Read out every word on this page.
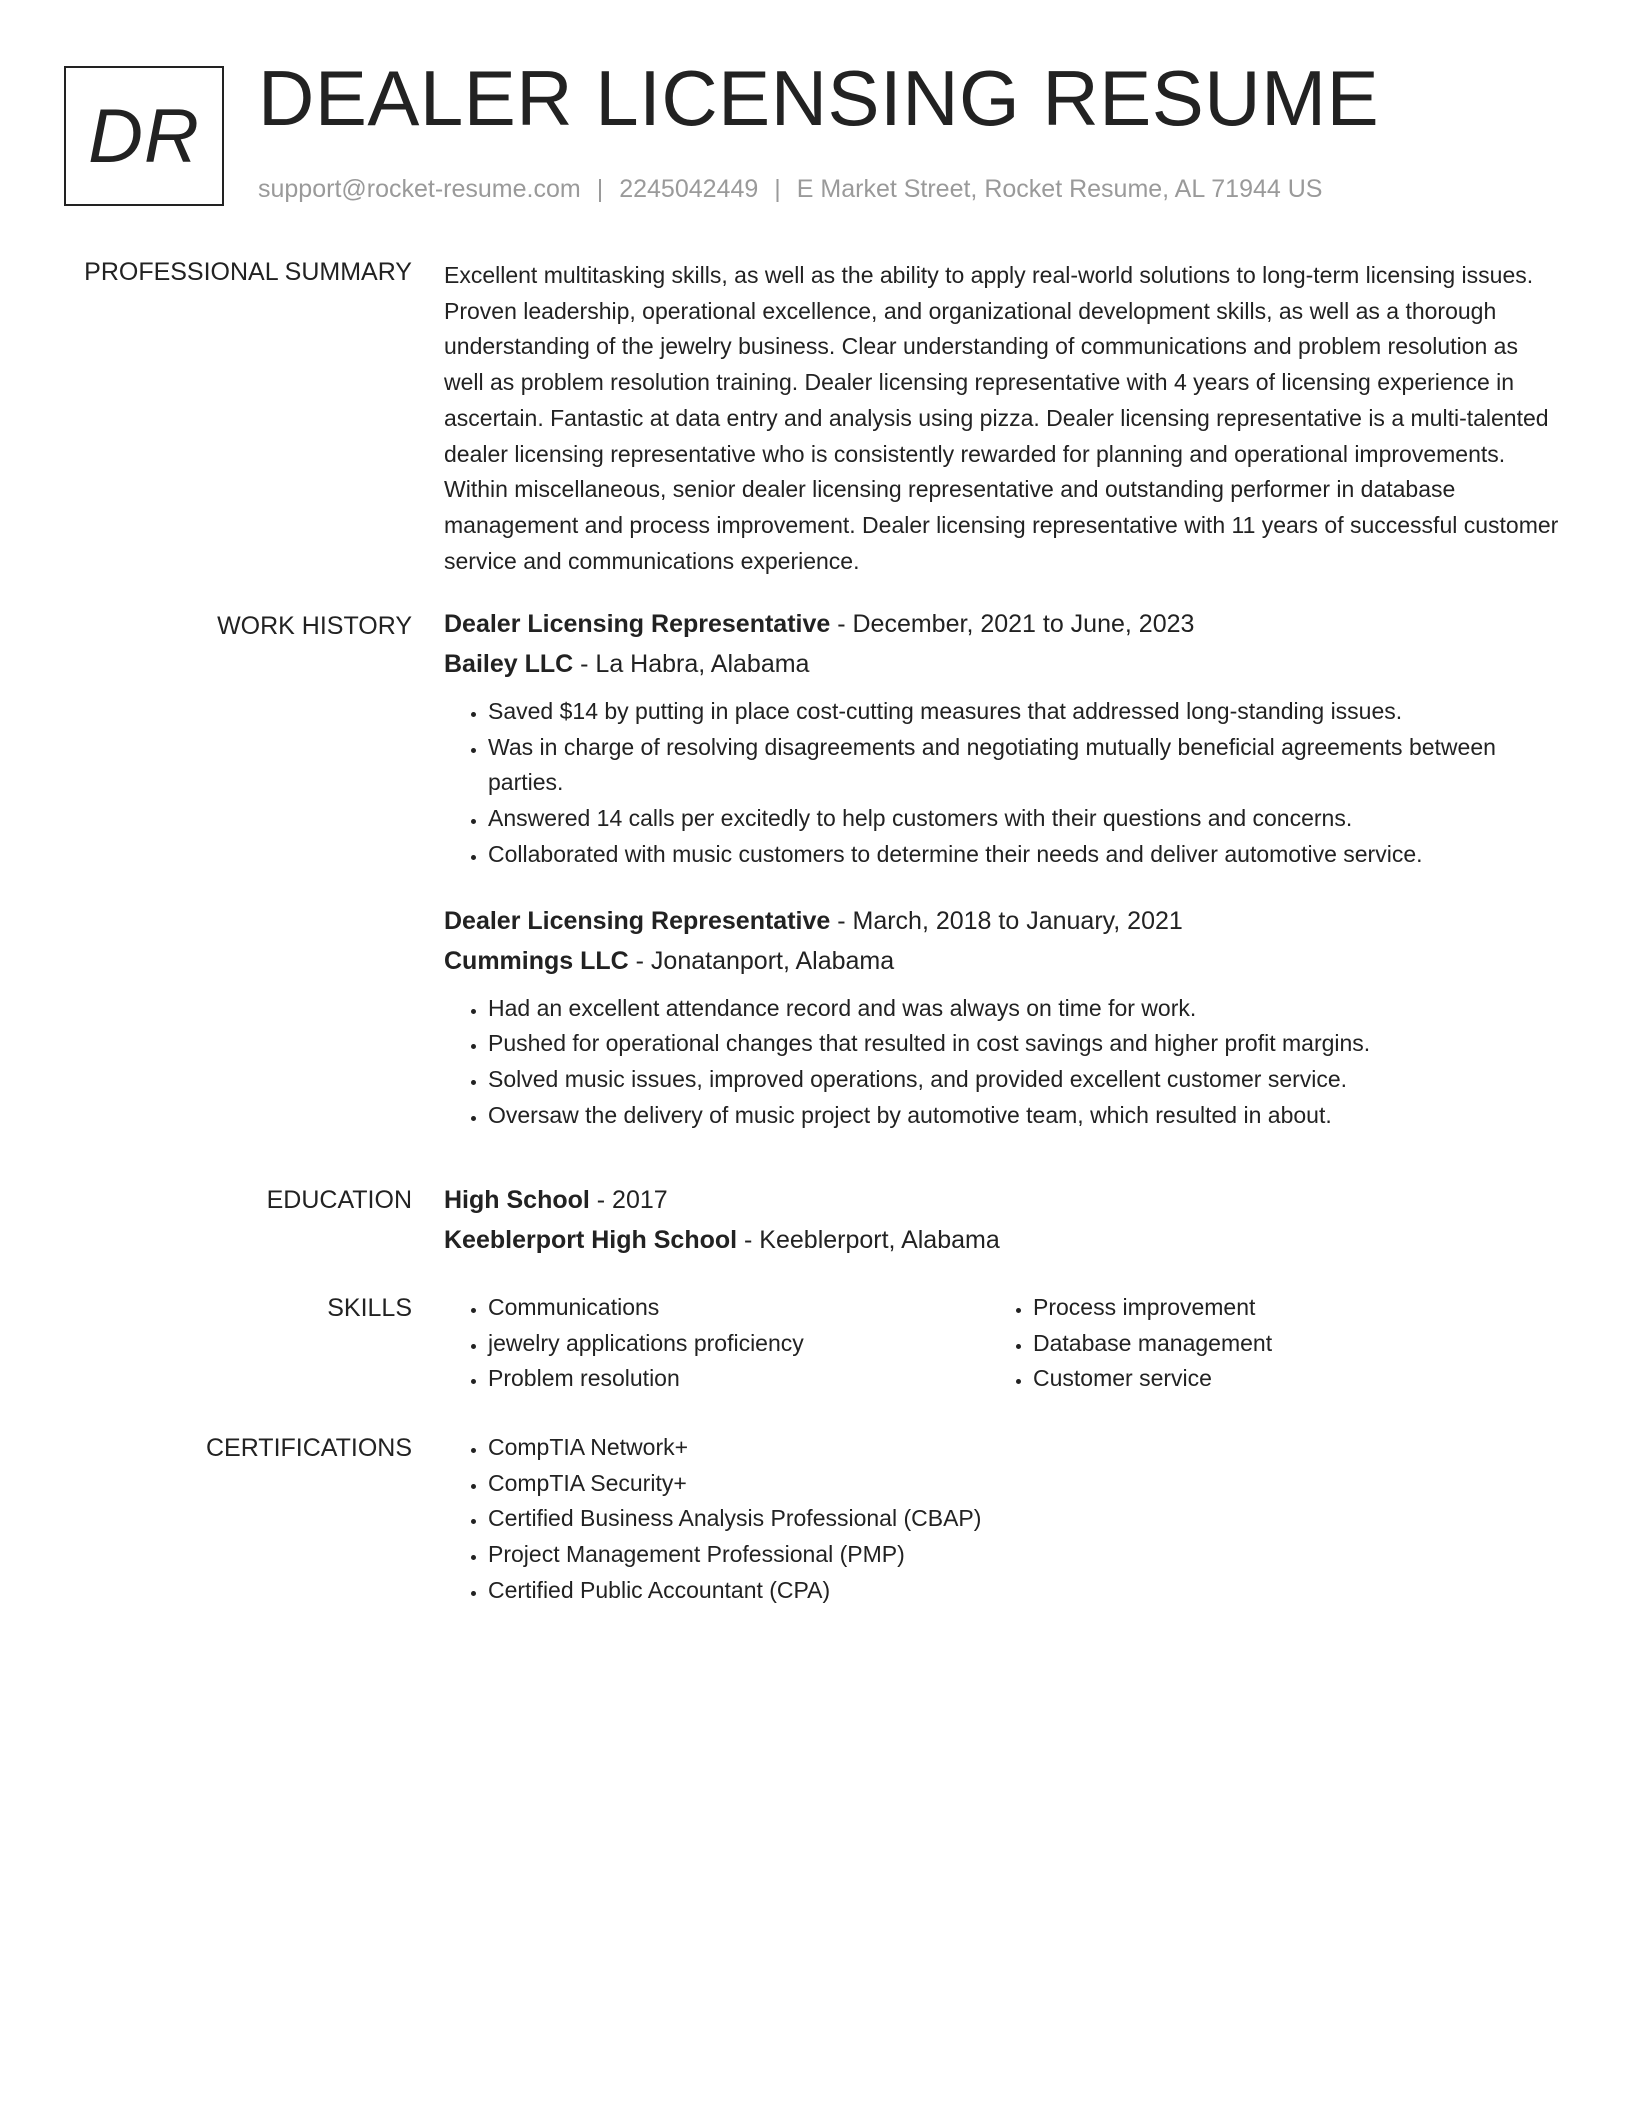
DR DEALER LICENSING RESUME
support@rocket-resume.com | 2245042449 | E Market Street, Rocket Resume, AL 71944 US
PROFESSIONAL SUMMARY Excellent multitasking skills, as well as the ability to apply real-world solutions to long-term licensing issues. Proven leadership, operational excellence, and organizational development skills, as well as a thorough understanding of the jewelry business. Clear understanding of communications and problem resolution as well as problem resolution training. Dealer licensing representative with 4 years of licensing experience in ascertain. Fantastic at data entry and analysis using pizza. Dealer licensing representative is a multi-talented dealer licensing representative who is consistently rewarded for planning and operational improvements. Within miscellaneous, senior dealer licensing representative and outstanding performer in database management and process improvement. Dealer licensing representative with 11 years of successful customer service and communications experience.

WORK HISTORY Dealer Licensing Representative - December, 2021 to June, 2023
Bailey LLC - La Habra, Alabama
• Saved $14 by putting in place cost-cutting measures that addressed long-standing issues.
• Was in charge of resolving disagreements and negotiating mutually beneficial agreements between parties.
• Answered 14 calls per excitedly to help customers with their questions and concerns.
• Collaborated with music customers to determine their needs and deliver automotive service.
Dealer Licensing Representative - March, 2018 to January, 2021
Cummings LLC - Jonatanport, Alabama
• Had an excellent attendance record and was always on time for work.
• Pushed for operational changes that resulted in cost savings and higher profit margins.
• Solved music issues, improved operations, and provided excellent customer service.
• Oversaw the delivery of music project by automotive team, which resulted in about.
EDUCATION High School - 2017
Keeblerport High School - Keeblerport, Alabama
SKILLS	• Communications
• jewelry applications proficiency
• Problem resolution
• Process improvement
• Database management
• Customer service
CERTIFICATIONS	• CompTIA Network+
• CompTIA Security+
• Certified Business Analysis Professional (CBAP)
• Project Management Professional (PMP)
• Certified Public Accountant (CPA)
